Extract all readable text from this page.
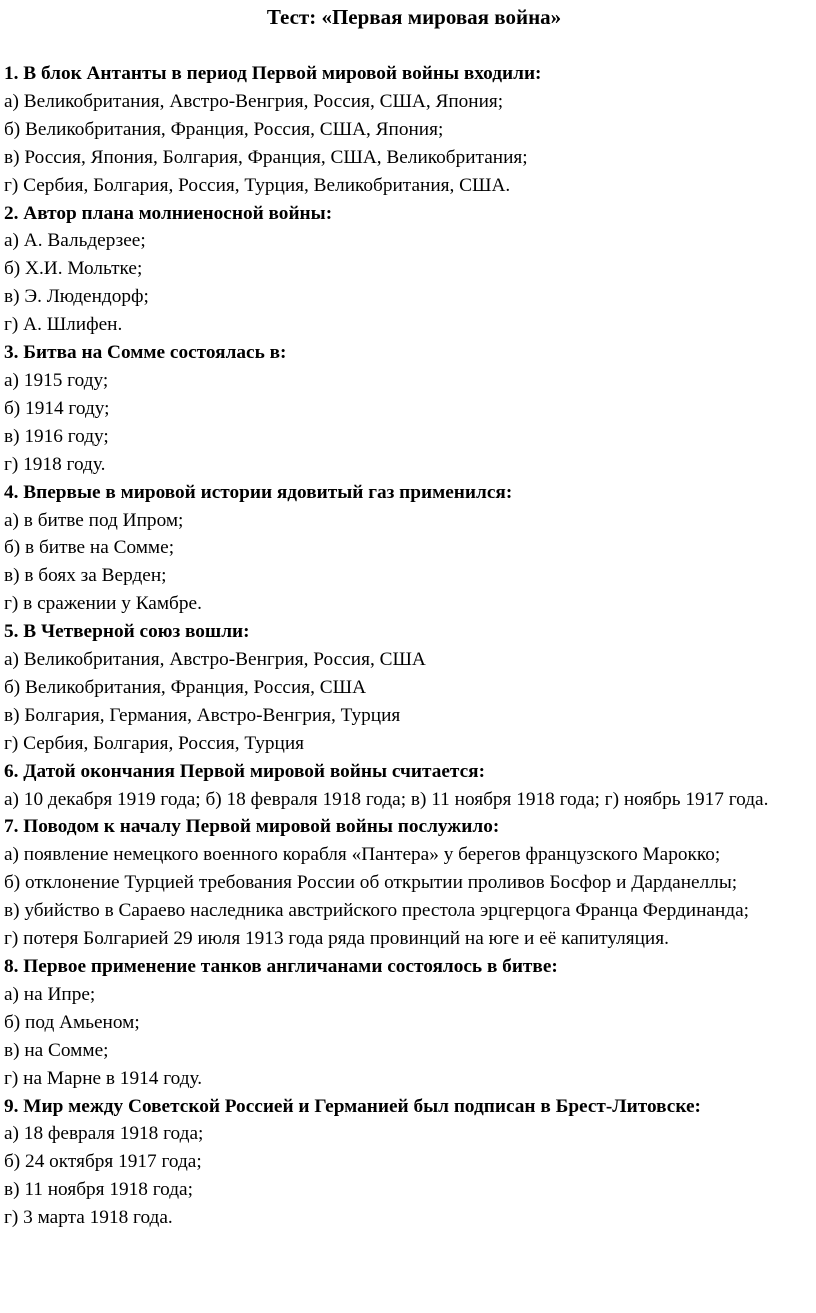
Тест: «Первая мировая война»

1. В блок Антанты в период Первой мировой войны входили:

а) Великобритания, Австро-Венгрия, Россия, США, Япония;

б) Великобритания, Франция, Россия, США, Япония;

в) Россия, Япония, Болгария, Франция, США, Великобритания;

г) Сербия, Болгария, Россия, Турция, Великобритания, США.

2. Автор плана молниеносной войны:

а) А. Вальдерзее;

б) Х.И. Мольтке;

в) Э. Людендорф;

г) А. Шлифен.

3. Битва на Сомме состоялась в:

а) 1915 году;

б) 1914 году;

в) 1916 году;

г) 1918 году.

4. Впервые в мировой истории ядовитый газ применился:

а) в битве под Ипром;

б) в битве на Сомме;

в) в боях за Верден;

г) в сражении у Камбре.

5. В Четверной союз вошли:

а) Великобритания, Австро-Венгрия, Россия, США

б) Великобритания, Франция, Россия, США

в) Болгария, Германия, Австро-Венгрия, Турция

г) Сербия, Болгария, Россия, Турция

6. Датой окончания Первой мировой войны считается:

а) 10 декабря 1919 года; б) 18 февраля 1918 года; в) 11 ноября 1918 года; г) ноябрь 1917 года.

7. Поводом к началу Первой мировой войны послужило:

а) появление немецкого военного корабля «Пантера» у берегов французского Марокко;

б) отклонение Турцией требования России об открытии проливов Босфор и Дарданеллы;

в) убийство в Сараево наследника австрийского престола эрцгерцога Франца Фердинанда;

г) потеря Болгарией 29 июля 1913 года ряда провинций на юге и её капитуляция.

8. Первое применение танков англичанами состоялось в битве:

а) на Ипре;

б) под Амьеном;

в) на Сомме;

г) на Марне в 1914 году.

9. Мир между Советской Россией и Германией был подписан в Брест-Литовске:

а) 18 февраля 1918 года;

б) 24 октября 1917 года;

в) 11 ноября 1918 года;

г) 3 марта 1918 года.
